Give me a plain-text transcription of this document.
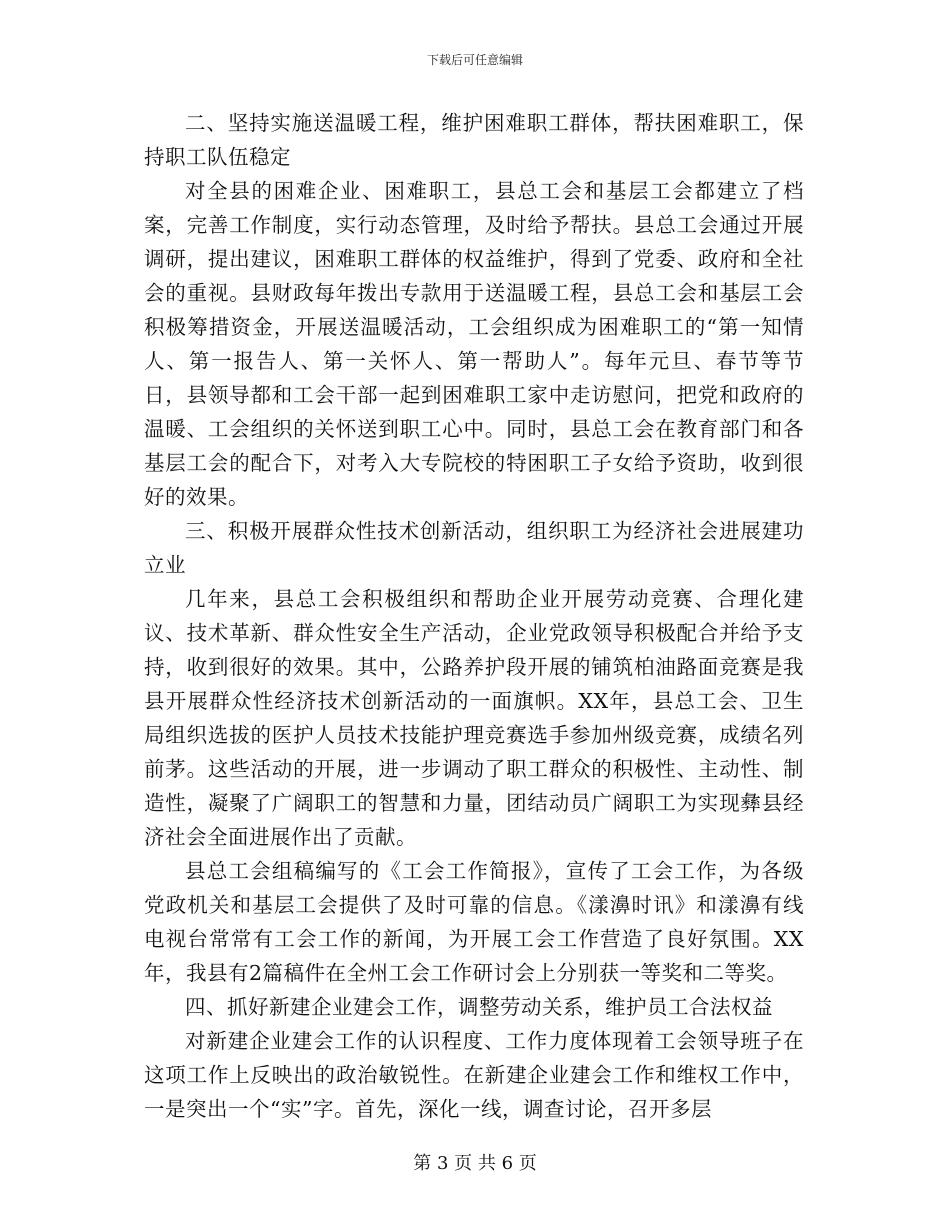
下载后可任意编辑

二、坚持实施送温暖工程，维护困难职工群体，帮扶困难职工，保持职工队伍稳定

对全县的困难企业、困难职工，县总工会和基层工会都建立了档案，完善工作制度，实行动态管理，及时给予帮扶。县总工会通过开展调研，提出建议，困难职工群体的权益维护，得到了党委、政府和全社会的重视。县财政每年拨出专款用于送温暖工程，县总工会和基层工会积极筹措资金，开展送温暖活动，工会组织成为困难职工的“第一知情人、第一报告人、第一关怀人、第一帮助人”。每年元旦、春节等节日，县领导都和工会干部一起到困难职工家中走访慰问，把党和政府的温暖、工会组织的关怀送到职工心中。同时，县总工会在教育部门和各基层工会的配合下，对考入大专院校的特困职工子女给予资助，收到很好的效果。

三、积极开展群众性技术创新活动，组织职工为经济社会进展建功立业

几年来，县总工会积极组织和帮助企业开展劳动竞赛、合理化建议、技术革新、群众性安全生产活动，企业党政领导积极配合并给予支持，收到很好的效果。其中，公路养护段开展的铺筑柏油路面竞赛是我县开展群众性经济技术创新活动的一面旗帜。XX年，县总工会、卫生局组织选拔的医护人员技术技能护理竞赛选手参加州级竞赛，成绩名列前茅。这些活动的开展，进一步调动了职工群众的积极性、主动性、制造性，凝聚了广阔职工的智慧和力量，团结动员广阔职工为实现彝县经济社会全面进展作出了贡献。

县总工会组稿编写的《工会工作简报》，宣传了工会工作，为各级党政机关和基层工会提供了及时可靠的信息。《漾濞时讯》和漾濞有线电视台常常有工会工作的新闻，为开展工会工作营造了良好氛围。XX年，我县有2篇稿件在全州工会工作研讨会上分别获一等奖和二等奖。

四、抓好新建企业建会工作，调整劳动关系，维护员工合法权益

对新建企业建会工作的认识程度、工作力度体现着工会领导班子在这项工作上反映出的政治敏锐性。在新建企业建会工作和维权工作中，一是突出一个“实”字。首先，深化一线，调查讨论，召开多层

第 3 页 共 6 页
